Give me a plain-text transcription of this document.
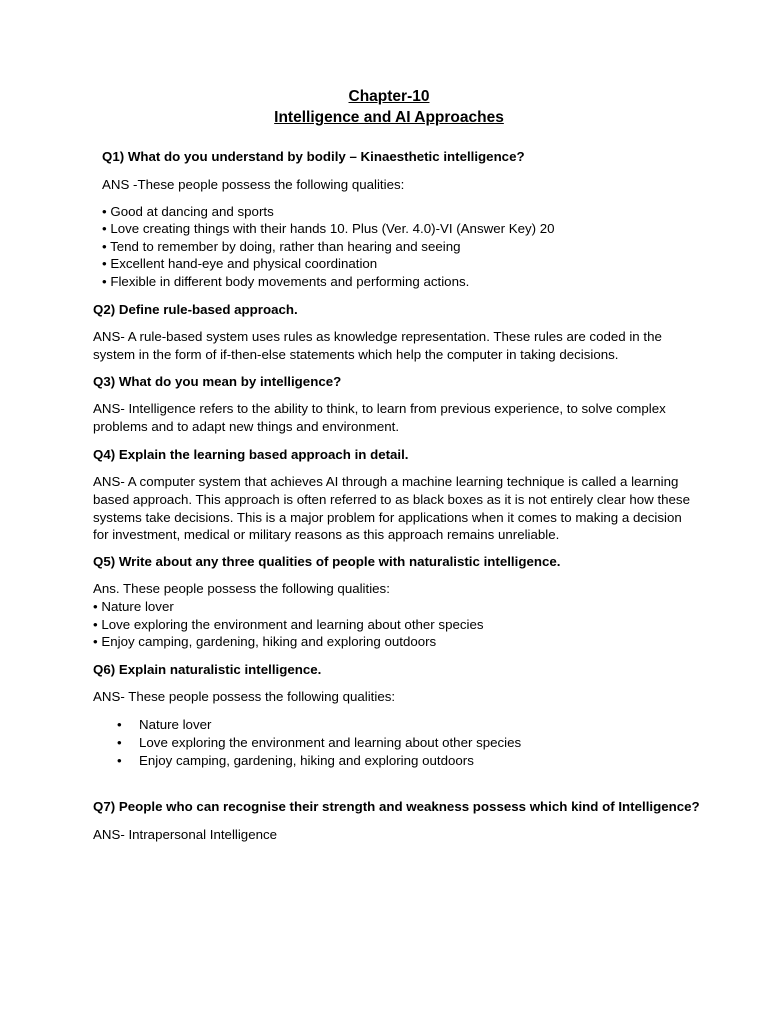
Chapter-10
Intelligence and AI Approaches
Q1) What do you understand by bodily – Kinaesthetic intelligence?
ANS -These people possess the following qualities:
• Good at dancing and sports
• Love creating things with their hands 10. Plus (Ver. 4.0)-VI (Answer Key) 20
• Tend to remember by doing, rather than hearing and seeing
• Excellent hand-eye and physical coordination
• Flexible in different body movements and performing actions.
Q2) Define rule-based approach.
ANS- A rule-based system uses rules as knowledge representation. These rules are coded in the
system in the form of if-then-else statements which help the computer in taking decisions.
Q3) What do you mean by intelligence?
ANS- Intelligence refers to the ability to think, to learn from previous experience, to solve complex
problems and to adapt new things and environment.
Q4) Explain the learning based approach in detail.
ANS- A computer system that achieves AI through a machine learning technique is called a learning
based approach. This approach is often referred to as black boxes as it is not entirely clear how these
systems take decisions. This is a major problem for applications when it comes to making a decision
for investment, medical or military reasons as this approach remains unreliable.
Q5) Write about any three qualities of people with naturalistic intelligence.
Ans. These people possess the following qualities:
• Nature lover
• Love exploring the environment and learning about other species
• Enjoy camping, gardening, hiking and exploring outdoors
Q6) Explain naturalistic intelligence.
ANS- These people possess the following qualities:
• Nature lover
• Love exploring the environment and learning about other species
• Enjoy camping, gardening, hiking and exploring outdoors
Q7) People who can recognise their strength and weakness possess which kind of Intelligence?
ANS- Intrapersonal Intelligence
